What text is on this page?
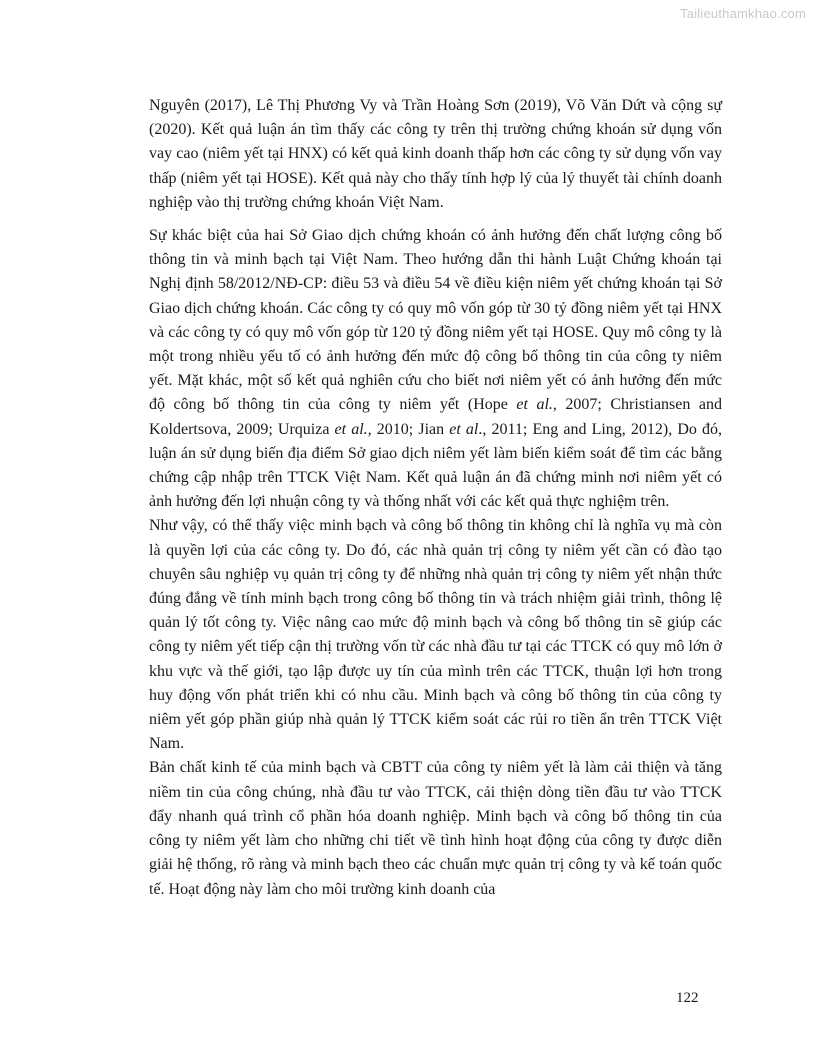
Tailieuthamkhao.com

Nguyên (2017), Lê Thị Phương Vy và Trần Hoàng Sơn (2019), Võ Văn Dứt và cộng sự (2020). Kết quả luận án tìm thấy các công ty trên thị trường chứng khoán sử dụng vốn vay cao (niêm yết tại HNX) có kết quả kinh doanh thấp hơn các công ty sử dụng vốn vay thấp (niêm yết tại HOSE). Kết quả này cho thấy tính hợp lý của lý thuyết tài chính doanh nghiệp vào thị trường chứng khoán Việt Nam.

Sự khác biệt của hai Sở Giao dịch chứng khoán có ảnh hưởng đến chất lượng công bố thông tin và minh bạch tại Việt Nam. Theo hướng dẫn thi hành Luật Chứng khoán tại Nghị định 58/2012/NĐ-CP: điều 53 và điều 54 về điều kiện niêm yết chứng khoán tại Sở Giao dịch chứng khoán. Các công ty có quy mô vốn góp từ 30 tỷ đồng niêm yết tại HNX và các công ty có quy mô vốn góp từ 120 tỷ đồng niêm yết tại HOSE. Quy mô công ty là một trong nhiều yếu tố có ảnh hưởng đến mức độ công bố thông tin của công ty niêm yết. Mặt khác, một số kết quả nghiên cứu cho biết nơi niêm yết có ảnh hưởng đến mức độ công bố thông tin của công ty niêm yết (Hope et al., 2007; Christiansen and Koldertsova, 2009; Urquiza et al., 2010; Jian et al., 2011; Eng and Ling, 2012), Do đó, luận án sử dụng biến địa điểm Sở giao dịch niêm yết làm biến kiểm soát để tìm các bằng chứng cập nhập trên TTCK Việt Nam. Kết quả luận án đã chứng minh nơi niêm yết có ảnh hưởng đến lợi nhuận công ty và thống nhất với các kết quả thực nghiệm trên.

Như vậy, có thể thấy việc minh bạch và công bố thông tin không chỉ là nghĩa vụ mà còn là quyền lợi của các công ty. Do đó, các nhà quản trị công ty niêm yết cần có đào tạo chuyên sâu nghiệp vụ quản trị công ty để những nhà quản trị công ty niêm yết nhận thức đúng đắng về tính minh bạch trong công bố thông tin và trách nhiệm giải trình, thông lệ quản lý tốt công ty. Việc nâng cao mức độ minh bạch và công bố thông tin sẽ giúp các công ty niêm yết tiếp cận thị trường vốn từ các nhà đầu tư tại các TTCK có quy mô lớn ở khu vực và thế giới, tạo lập được uy tín của mình trên các TTCK, thuận lợi hơn trong huy động vốn phát triển khi có nhu cầu. Minh bạch và công bố thông tin của công ty niêm yết góp phần giúp nhà quản lý TTCK kiểm soát các rủi ro tiền ẩn trên TTCK Việt Nam.

Bản chất kinh tế của minh bạch và CBTT của công ty niêm yết là làm cải thiện và tăng niềm tin của công chúng, nhà đầu tư vào TTCK, cải thiện dòng tiền đầu tư vào TTCK đẩy nhanh quá trình cổ phần hóa doanh nghiệp. Minh bạch và công bố thông tin của công ty niêm yết làm cho những chi tiết về tình hình hoạt động của công ty được diễn giải hệ thống, rõ ràng và minh bạch theo các chuẩn mực quản trị công ty và kế toán quốc tế. Hoạt động này làm cho môi trường kinh doanh của

122
